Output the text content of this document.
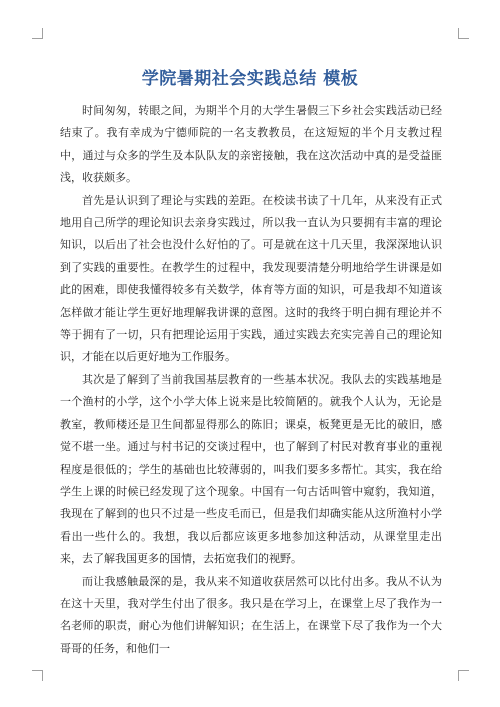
学院暑期社会实践总结 模板

时间匆匆，转眼之间，为期半个月的大学生暑假三下乡社会实践活动已经结束了。我有幸成为宁德师院的一名支教教员，在这短短的半个月支教过程中，通过与众多的学生及本队队友的亲密接触，我在这次活动中真的是受益匪浅，收获颇多。

首先是认识到了理论与实践的差距。在校读书读了十几年，从来没有正式地用自己所学的理论知识去亲身实践过，所以我一直认为只要拥有丰富的理论知识，以后出了社会也没什么好怕的了。可是就在这十几天里，我深深地认识到了实践的重要性。在教学生的过程中，我发现要清楚分明地给学生讲课是如此的困难，即使我懂得较多有关数学，体育等方面的知识，可是我却不知道该怎样做才能让学生更好地理解我讲课的意图。这时的我终于明白拥有理论并不等于拥有了一切，只有把理论运用于实践，通过实践去充实完善自己的理论知识，才能在以后更好地为工作服务。

其次是了解到了当前我国基层教育的一些基本状况。我队去的实践基地是一个渔村的小学，这个小学大体上说来是比较简陋的。就我个人认为，无论是教室，教师楼还是卫生间都显得那么的陈旧；课桌，板凳更是无比的破旧，感觉不堪一坐。通过与村书记的交谈过程中，也了解到了村民对教育事业的重视程度是很低的；学生的基础也比较薄弱的，叫我们要多多帮忙。其实，我在给学生上课的时候已经发现了这个现象。中国有一句古话叫管中窥豹，我知道，我现在了解到的也只不过是一些皮毛而已，但是我们却确实能从这所渔村小学看出一些什么的。我想，我以后都应该更多地参加这种活动，从课堂里走出来，去了解我国更多的国情，去拓宽我们的视野。

而让我感触最深的是，我从来不知道收获居然可以比付出多。我从不认为在这十天里，我对学生付出了很多。我只是在学习上，在课堂上尽了我作为一名老师的职责，耐心为他们讲解知识；在生活上，在课堂下尽了我作为一个大哥哥的任务，和他们一
